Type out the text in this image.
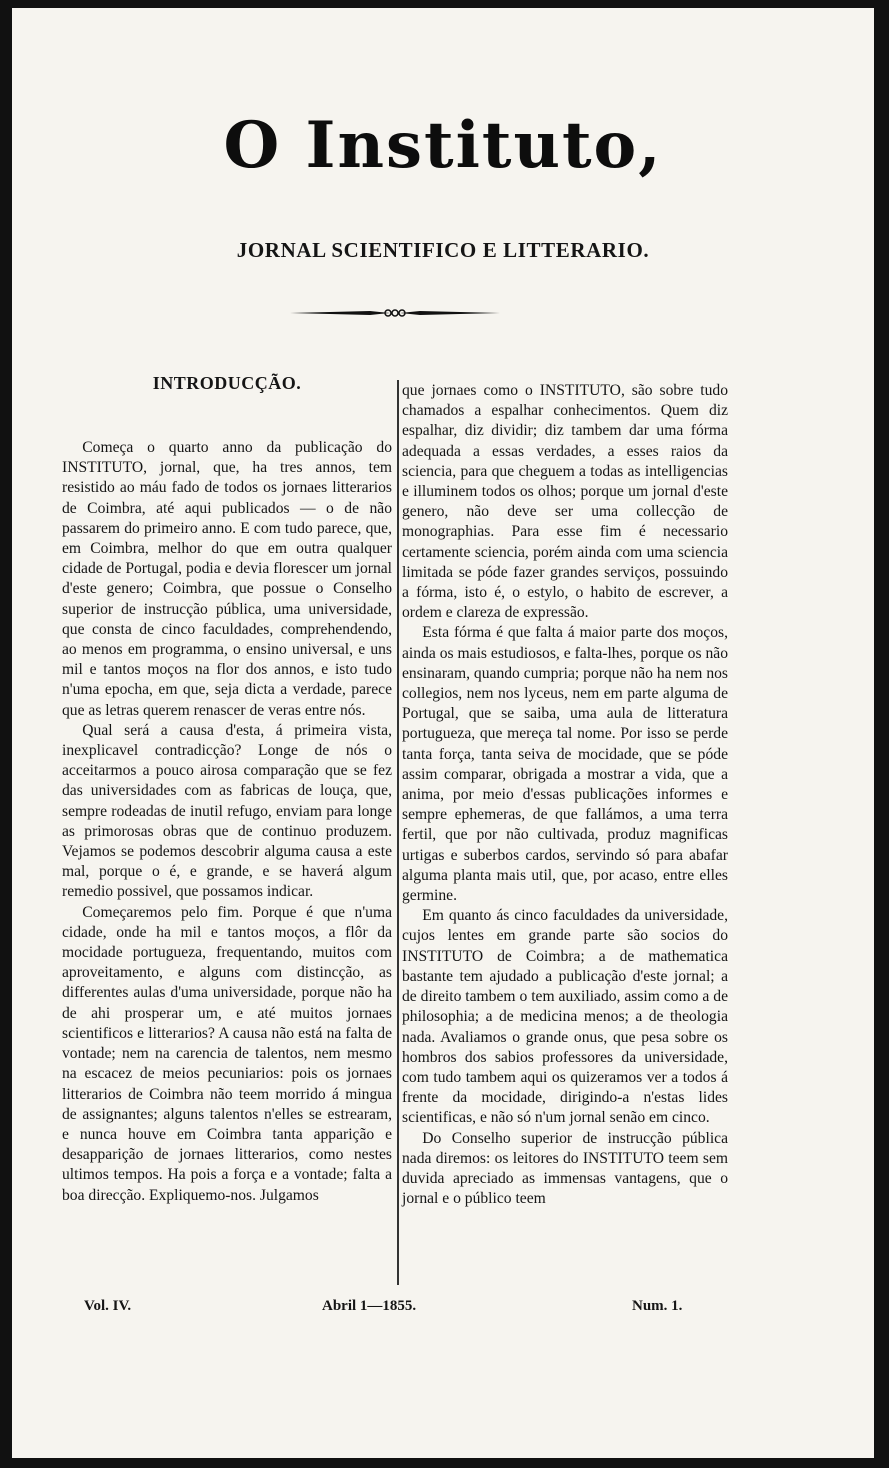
O Instituto,
JORNAL SCIENTIFICO E LITTERARIO.
INTRODUCÇÃO.

Começa o quarto anno da publicação do INSTITUTO, jornal, que, ha tres annos, tem resistido ao máu fado de todos os jornaes litterarios de Coimbra, até aqui publicados — o de não passarem do primeiro anno. E com tudo parece, que, em Coimbra, melhor do que em outra qualquer cidade de Portugal, podia e devia florescer um jornal d'este genero; Coimbra, que possue o Conselho superior de instrucção pública, uma universidade, que consta de cinco faculdades, comprehendendo, ao menos em programma, o ensino universal, e uns mil e tantos moços na flor dos annos, e isto tudo n'uma epocha, em que, seja dicta a verdade, parece que as letras querem renascer de veras entre nós.

Qual será a causa d'esta, á primeira vista, inexplicavel contradicção? Longe de nós o acceitarmos a pouco airosa comparação que se fez das universidades com as fabricas de louça, que, sempre rodeadas de inutil refugo, enviam para longe as primorosas obras que de continuo produzem. Vejamos se podemos descobrir alguma causa a este mal, porque o é, e grande, e se haverá algum remedio possivel, que possamos indicar.

Começaremos pelo fim. Porque é que n'uma cidade, onde ha mil e tantos moços, a flôr da mocidade portugueza, frequentando, muitos com aproveitamento, e alguns com distincção, as differentes aulas d'uma universidade, porque não ha de ahi prosperar um, e até muitos jornaes scientificos e litterarios? A causa não está na falta de vontade; nem na carencia de talentos, nem mesmo na escacez de meios pecuniarios: pois os jornaes litterarios de Coimbra não teem morrido á mingua de assignantes; alguns talentos n'elles se estrearam, e nunca houve em Coimbra tanta apparição e desapparição de jornaes litterarios, como nestes ultimos tempos. Ha pois a força e a vontade; falta a boa direcção. Expliquemo-nos. Julgamos

que jornaes como o INSTITUTO, são sobre tudo chamados a espalhar conhecimentos. Quem diz espalhar, diz dividir; diz tambem dar uma fórma adequada a essas verdades, a esses raios da sciencia, para que cheguem a todas as intelligencias e illuminem todos os olhos; porque um jornal d'este genero, não deve ser uma collecção de monographias. Para esse fim é necessario certamente sciencia, porém ainda com uma sciencia limitada se póde fazer grandes serviços, possuindo a fórma, isto é, o estylo, o habito de escrever, a ordem e clareza de expressão.

Esta fórma é que falta á maior parte dos moços, ainda os mais estudiosos, e falta-lhes, porque os não ensinaram, quando cumpria; porque não ha nem nos collegios, nem nos lyceus, nem em parte alguma de Portugal, que se saiba, uma aula de litteratura portugueza, que mereça tal nome. Por isso se perde tanta força, tanta seiva de mocidade, que se póde assim comparar, obrigada a mostrar a vida, que a anima, por meio d'essas publicações informes e sempre ephemeras, de que fallámos, a uma terra fertil, que por não cultivada, produz magnificas urtigas e suberbos cardos, servindo só para abafar alguma planta mais util, que, por acaso, entre elles germine.

Em quanto ás cinco faculdades da universidade, cujos lentes em grande parte são socios do INSTITUTO de Coimbra; a de mathematica bastante tem ajudado a publicação d'este jornal; a de direito tambem o tem auxiliado, assim como a de philosophia; a de medicina menos; a de theologia nada. Avaliamos o grande onus, que pesa sobre os hombros dos sabios professores da universidade, com tudo tambem aqui os quizeramos ver a todos á frente da mocidade, dirigindo-a n'estas lides scientificas, e não só n'um jornal senão em cinco.

Do Conselho superior de instrucção pública nada diremos: os leitores do INSTITUTO teem sem duvida apreciado as immensas vantagens, que o jornal e o público teem

Vol. IV.	Abril 1—1855.	Num. 1.
